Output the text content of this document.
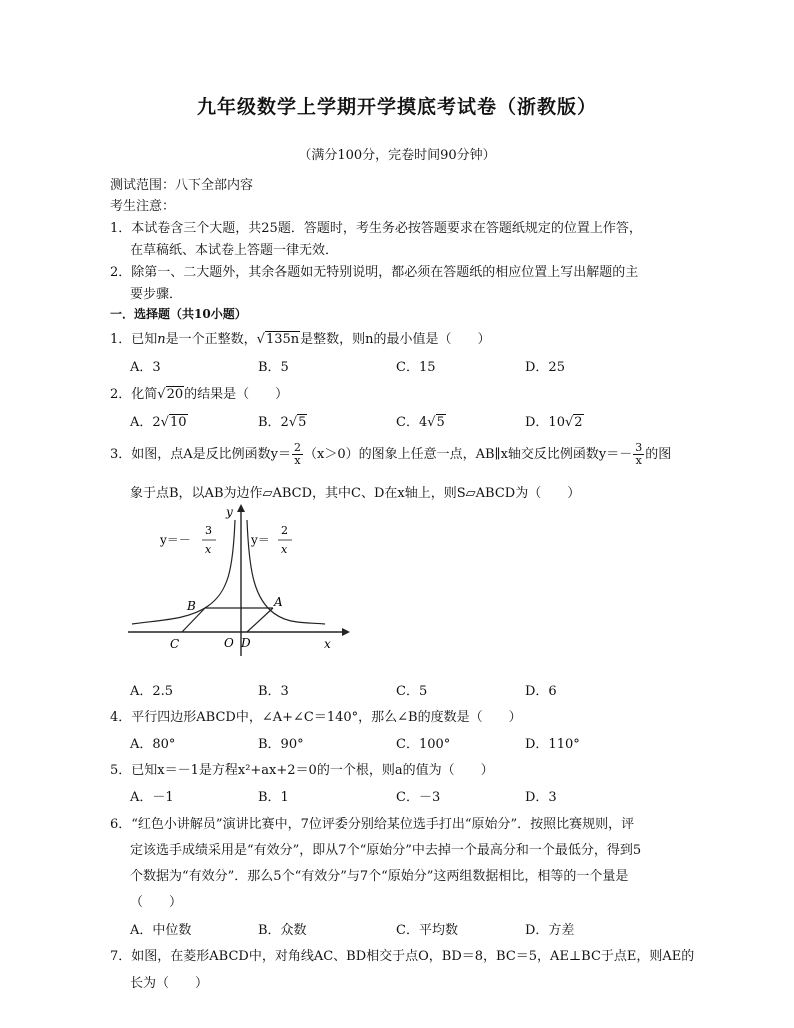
九年级数学上学期开学摸底考试卷（浙教版）
（满分100分，完卷时间90分钟）
测试范围：八下全部内容
考生注意：
1．本试卷含三个大题，共25题．答题时，考生务必按答题要求在答题纸规定的位置上作答，
在草稿纸、本试卷上答题一律无效．
2．除第一、二大题外，其余各题如无特别说明，都必须在答题纸的相应位置上写出解题的主
要步骤．
一．选择题（共10小题）
1．已知n是一个正整数，√135n是整数，则n的最小值是（　　）
A．3	B．5	C．15	D．25
2．化简√20的结果是（　　）
A．2√10	B．2√5	C．4√5	D．10√2
3．如图，点A是反比例函数$y= \frac{2}{x} (x>0)$的图象上任意一点，AB∥x轴交反比例函数$y=- \frac{3}{x}$ 的图
象于点B，以AB为边作▱ABCD，其中C、D在x轴上，则S▱ABCD为（　　）
y
x
O
A
B
C	D
y＝－
3
x
y＝
2
x
A．2.5	B．3	C．5	D．6
4．平行四边形ABCD中，∠A+∠C＝140°，那么∠B的度数是（　　）
A．80°	B．90°	C．100°	D．110°
5．已知x＝－1是方程x²+ax+2＝0的一个根，则a的值为（　　）
A．－1	B．1	C．－3	D．3
6．“红色小讲解员”演讲比赛中，7位评委分别给某位选手打出“原始分”．按照比赛规则，评
定该选手成绩采用是“有效分”，即从7个“原始分”中去掉一个最高分和一个最低分，得到5
个数据为“有效分”．那么5个“有效分”与7个“原始分”这两组数据相比，相等的一个量是
（　　）
A．中位数	B．众数	C．平均数	D．方差
7．如图，在菱形ABCD中，对角线AC、BD相交于点O，BD＝8，BC＝5，AE⊥BC于点E，则AE的
长为（　　）
